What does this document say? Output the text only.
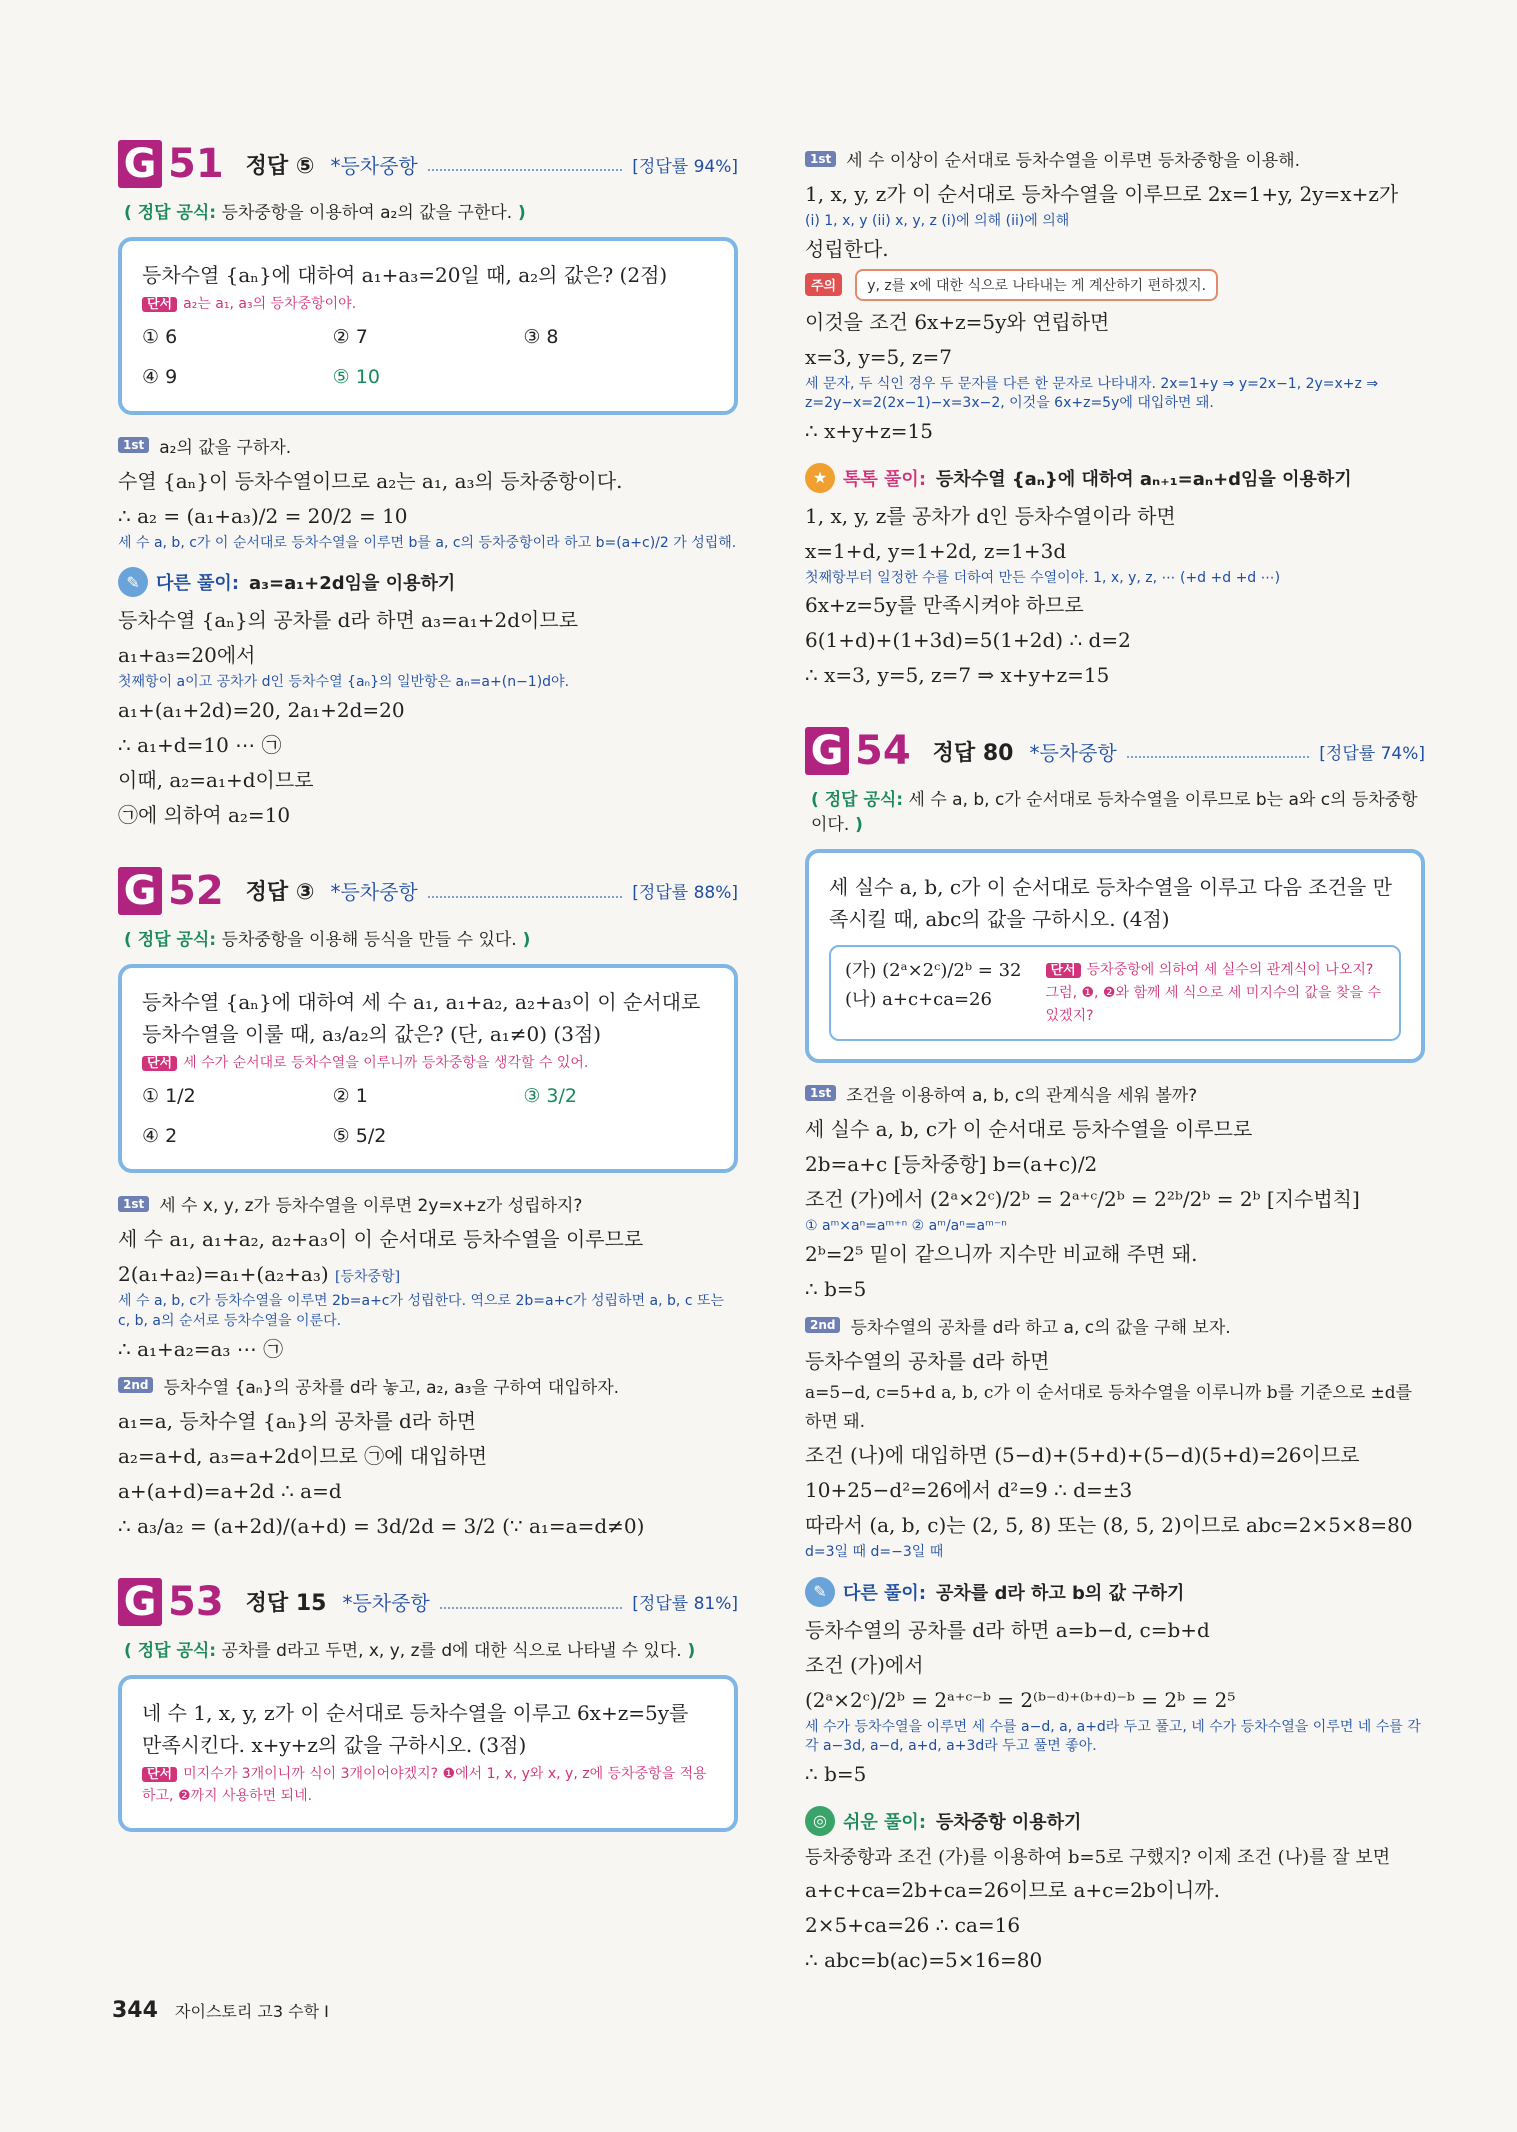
G 51 정답 ⑤ *등차중항	[정답률 94%]
( 정답 공식: 등차중항을 이용하여 a₂의 값을 구한다. )
등차수열 {aₙ}에 대하여 a₁+a₃=20일 때, a₂의 값은? (2점)
단서 a₂는 a₁, a₃의 등차중항이야.
① 6	② 7	③ 8
④ 9	⑤ 10
1st a₂의 값을 구하자.
수열 {aₙ}이 등차수열이므로 a₂는 a₁, a₃의 등차중항이다.
∴ a₂ = (a₁+a₃)/2 = 20/2 = 10
세 수 a, b, c가 이 순서대로 등차수열을 이루면 b를 a, c의 등차중항이라 하고 b=(a+c)/2 가 성립해.
✎ 다른 풀이: a₃=a₁+2d임을 이용하기
등차수열 {aₙ}의 공차를 d라 하면 a₃=a₁+2d이므로
a₁+a₃=20에서
첫째항이 a이고 공차가 d인 등차수열 {aₙ}의 일반항은 aₙ=a+(n−1)d야.
a₁+(a₁+2d)=20, 2a₁+2d=20
∴ a₁+d=10 ⋯ ㉠
이때, a₂=a₁+d이므로
㉠에 의하여 a₂=10
G 52 정답 ③ *등차중항	[정답률 88%]
( 정답 공식: 등차중항을 이용해 등식을 만들 수 있다. )
등차수열 {aₙ}에 대하여 세 수 a₁, a₁+a₂, a₂+a₃이 이 순서대로 등차수열을 이룰 때, a₃/a₂의 값은? (단, a₁≠0) (3점)
단서 세 수가 순서대로 등차수열을 이루니까 등차중항을 생각할 수 있어.
① 1/2	② 1	③ 3/2
④ 2	⑤ 5/2
1st 세 수 x, y, z가 등차수열을 이루면 2y=x+z가 성립하지?
세 수 a₁, a₁+a₂, a₂+a₃이 이 순서대로 등차수열을 이루므로
2(a₁+a₂)=a₁+(a₂+a₃) [등차중항]
세 수 a, b, c가 등차수열을 이루면 2b=a+c가 성립한다. 역으로 2b=a+c가 성립하면 a, b, c 또는 c, b, a의 순서로 등차수열을 이룬다.
∴ a₁+a₂=a₃ ⋯ ㉠
2nd 등차수열 {aₙ}의 공차를 d라 놓고, a₂, a₃을 구하여 대입하자.
a₁=a, 등차수열 {aₙ}의 공차를 d라 하면
a₂=a+d, a₃=a+2d이므로 ㉠에 대입하면
a+(a+d)=a+2d ∴ a=d
∴ a₃/a₂ = (a+2d)/(a+d) = 3d/2d = 3/2 (∵ a₁=a=d≠0)
G 53 정답 15 *등차중항	[정답률 81%]
( 정답 공식: 공차를 d라고 두면, x, y, z를 d에 대한 식으로 나타낼 수 있다. )
네 수 1, x, y, z가 이 순서대로 등차수열을 이루고 6x+z=5y를 만족시킨다. x+y+z의 값을 구하시오. (3점)
단서 미지수가 3개이니까 식이 3개이어야겠지? ❶에서 1, x, y와 x, y, z에 등차중항을 적용하고, ❷까지 사용하면 되네.
1st 세 수 이상이 순서대로 등차수열을 이루면 등차중항을 이용해.
1, x, y, z가 이 순서대로 등차수열을 이루므로 2x=1+y, 2y=x+z가
(i) 1, x, y (ii) x, y, z (i)에 의해 (ii)에 의해
성립한다.
주의 y, z를 x에 대한 식으로 나타내는 게 계산하기 편하겠지.
이것을 조건 6x+z=5y와 연립하면
x=3, y=5, z=7
세 문자, 두 식인 경우 두 문자를 다른 한 문자로 나타내자. 2x=1+y ⇒ y=2x−1, 2y=x+z ⇒ z=2y−x=2(2x−1)−x=3x−2, 이것을 6x+z=5y에 대입하면 돼.
∴ x+y+z=15
★ 톡톡 풀이: 등차수열 {aₙ}에 대하여 aₙ₊₁=aₙ+d임을 이용하기
1, x, y, z를 공차가 d인 등차수열이라 하면
x=1+d, y=1+2d, z=1+3d
첫째항부터 일정한 수를 더하여 만든 수열이야. 1, x, y, z, ⋯ (+d +d +d ⋯)
6x+z=5y를 만족시켜야 하므로
6(1+d)+(1+3d)=5(1+2d) ∴ d=2
∴ x=3, y=5, z=7 ⇒ x+y+z=15
G 54 정답 80 *등차중항	[정답률 74%]
( 정답 공식: 세 수 a, b, c가 순서대로 등차수열을 이루므로 b는 a와 c의 등차중항이다. )
세 실수 a, b, c가 이 순서대로 등차수열을 이루고 다음 조건을 만족시킬 때, abc의 값을 구하시오. (4점)
(가) (2ᵃ×2ᶜ)/2ᵇ = 32
(나) a+c+ca=26
단서 등차중항에 의하여 세 실수의 관계식이 나오지? 그럼, ❶, ❷와 함께 세 식으로 세 미지수의 값을 찾을 수 있겠지?
1st 조건을 이용하여 a, b, c의 관계식을 세워 볼까?
세 실수 a, b, c가 이 순서대로 등차수열을 이루므로
2b=a+c [등차중항] b=(a+c)/2
조건 (가)에서 (2ᵃ×2ᶜ)/2ᵇ = 2ᵃ⁺ᶜ/2ᵇ = 2²ᵇ/2ᵇ = 2ᵇ [지수법칙]
① aᵐ×aⁿ=aᵐ⁺ⁿ ② aᵐ/aⁿ=aᵐ⁻ⁿ
2ᵇ=2⁵ 밑이 같으니까 지수만 비교해 주면 돼.
∴ b=5
2nd 등차수열의 공차를 d라 하고 a, c의 값을 구해 보자.
등차수열의 공차를 d라 하면
a=5−d, c=5+d a, b, c가 이 순서대로 등차수열을 이루니까 b를 기준으로 ±d를 하면 돼.
조건 (나)에 대입하면 (5−d)+(5+d)+(5−d)(5+d)=26이므로
10+25−d²=26에서 d²=9 ∴ d=±3
따라서 (a, b, c)는 (2, 5, 8) 또는 (8, 5, 2)이므로 abc=2×5×8=80
d=3일 때 d=−3일 때
✎ 다른 풀이: 공차를 d라 하고 b의 값 구하기
등차수열의 공차를 d라 하면 a=b−d, c=b+d
조건 (가)에서
(2ᵃ×2ᶜ)/2ᵇ = 2ᵃ⁺ᶜ⁻ᵇ = 2⁽ᵇ⁻ᵈ⁾⁺⁽ᵇ⁺ᵈ⁾⁻ᵇ = 2ᵇ = 2⁵
세 수가 등차수열을 이루면 세 수를 a−d, a, a+d라 두고 풀고, 네 수가 등차수열을 이루면 네 수를 각각 a−3d, a−d, a+d, a+3d라 두고 풀면 좋아.
∴ b=5
◎ 쉬운 풀이: 등차중항 이용하기
등차중항과 조건 (가)를 이용하여 b=5로 구했지? 이제 조건 (나)를 잘 보면
a+c+ca=2b+ca=26이므로 a+c=2b이니까.
2×5+ca=26 ∴ ca=16
∴ abc=b(ac)=5×16=80
344 자이스토리 고3 수학 I
